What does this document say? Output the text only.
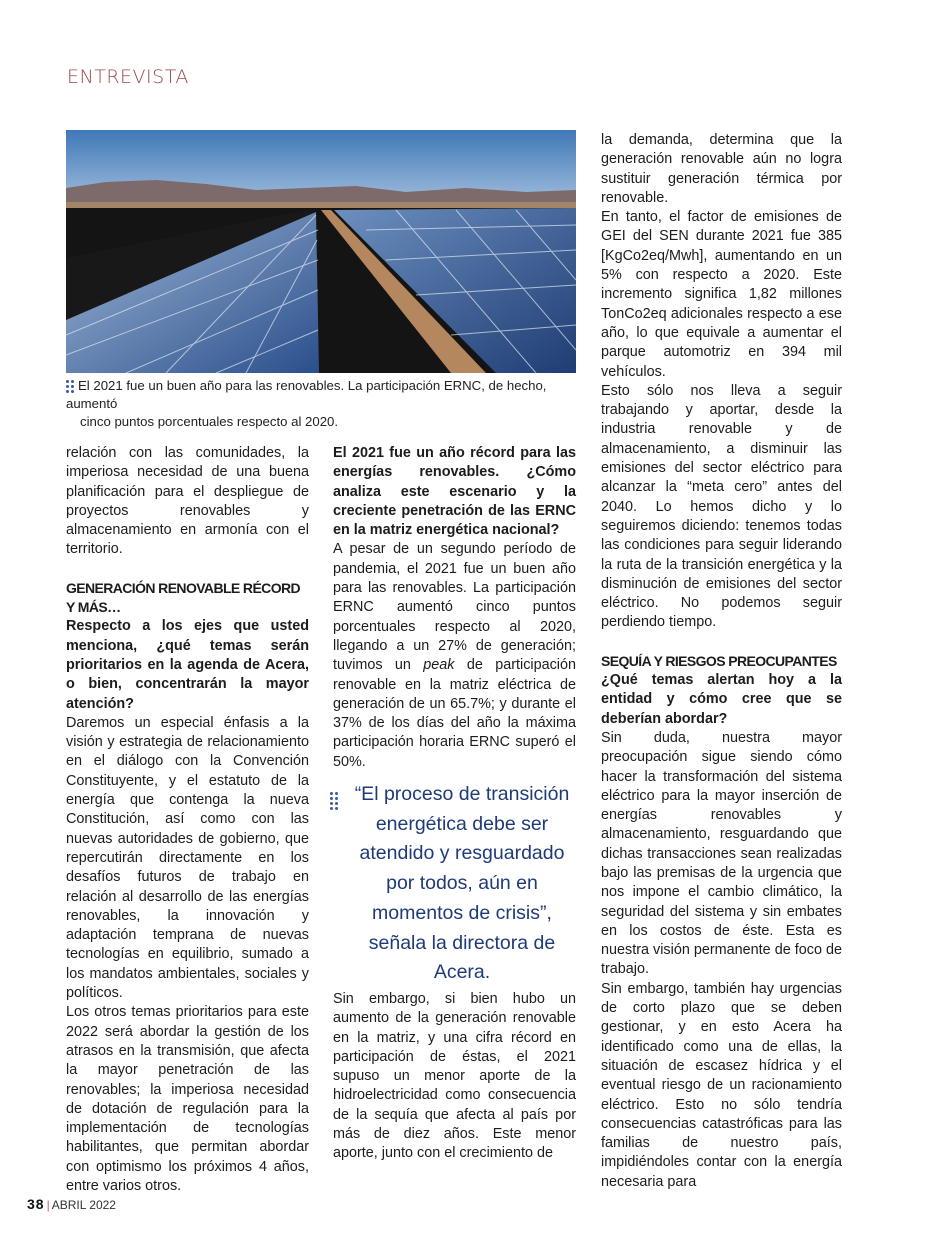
ENTREVISTA
El 2021 fue un buen año para las renovables. La participación ERNC, de hecho, aumentó
cinco puntos porcentuales respecto al 2020.

relación con las comunidades, la imperiosa necesidad de una buena planificación para el despliegue de proyectos renovables y almacenamiento en armonía con el territorio.

GENERACIÓN RENOVABLE RÉCORD Y MÁS…

Respecto a los ejes que usted menciona, ¿qué temas serán prioritarios en la agenda de Acera, o bien, concentrarán la mayor atención?

Daremos un especial énfasis a la visión y estrategia de relacionamiento en el diálogo con la Convención Constituyente, y el estatuto de la energía que contenga la nueva Constitución, así como con las nuevas autoridades de gobierno, que repercutirán directamente en los desafíos futuros de trabajo en relación al desarrollo de las energías renovables, la innovación y adaptación temprana de nuevas tecnologías en equilibrio, sumado a los mandatos ambientales, sociales y políticos.

Los otros temas prioritarios para este 2022 será abordar la gestión de los atrasos en la transmisión, que afecta la mayor penetración de las renovables; la imperiosa necesidad de dotación de regulación para la implementación de tecnologías habilitantes, que permitan abordar con optimismo los próximos 4 años, entre varios otros.

El 2021 fue un año récord para las energías renovables. ¿Cómo analiza este escenario y la creciente penetración de las ERNC en la matriz energética nacional?

A pesar de un segundo período de pandemia, el 2021 fue un buen año para las renovables. La participación ERNC aumentó cinco puntos porcentuales respecto al 2020, llegando a un 27% de generación; tuvimos un peak de participación renovable en la matriz eléctrica de generación de un 65.7%; y durante el 37% de los días del año la máxima participación horaria ERNC superó el 50%.

“El proceso de transición energética debe ser atendido y resguardado por todos, aún en momentos de crisis”, señala la directora de Acera.

Sin embargo, si bien hubo un aumento de la generación renovable en la matriz, y una cifra récord en participación de éstas, el 2021 supuso un menor aporte de la hidroelectricidad como consecuencia de la sequía que afecta al país por más de diez años. Este menor aporte, junto con el crecimiento de

la demanda, determina que la generación renovable aún no logra sustituir generación térmica por renovable.

En tanto, el factor de emisiones de GEI del SEN durante 2021 fue 385 [KgCo2eq/Mwh], aumentando en un 5% con respecto a 2020. Este incremento significa 1,82 millones TonCo2eq adicionales respecto a ese año, lo que equivale a aumentar el parque automotriz en 394 mil vehículos.

Esto sólo nos lleva a seguir trabajando y aportar, desde la industria renovable y de almacenamiento, a disminuir las emisiones del sector eléctrico para alcanzar la “meta cero” antes del 2040. Lo hemos dicho y lo seguiremos diciendo: tenemos todas las condiciones para seguir liderando la ruta de la transición energética y la disminución de emisiones del sector eléctrico. No podemos seguir perdiendo tiempo.

SEQUÍA Y RIESGOS PREOCUPANTES

¿Qué temas alertan hoy a la entidad y cómo cree que se deberían abordar?

Sin duda, nuestra mayor preocupación sigue siendo cómo hacer la transformación del sistema eléctrico para la mayor inserción de energías renovables y almacenamiento, resguardando que dichas transacciones sean realizadas bajo las premisas de la urgencia que nos impone el cambio climático, la seguridad del sistema y sin embates en los costos de éste. Esta es nuestra visión permanente de foco de trabajo.

Sin embargo, también hay urgencias de corto plazo que se deben gestionar, y en esto Acera ha identificado como una de ellas, la situación de escasez hídrica y el eventual riesgo de un racionamiento eléctrico. Esto no sólo tendría consecuencias catastróficas para las familias de nuestro país, impidiéndoles contar con la energía necesaria para

38 | ABRIL 2022
